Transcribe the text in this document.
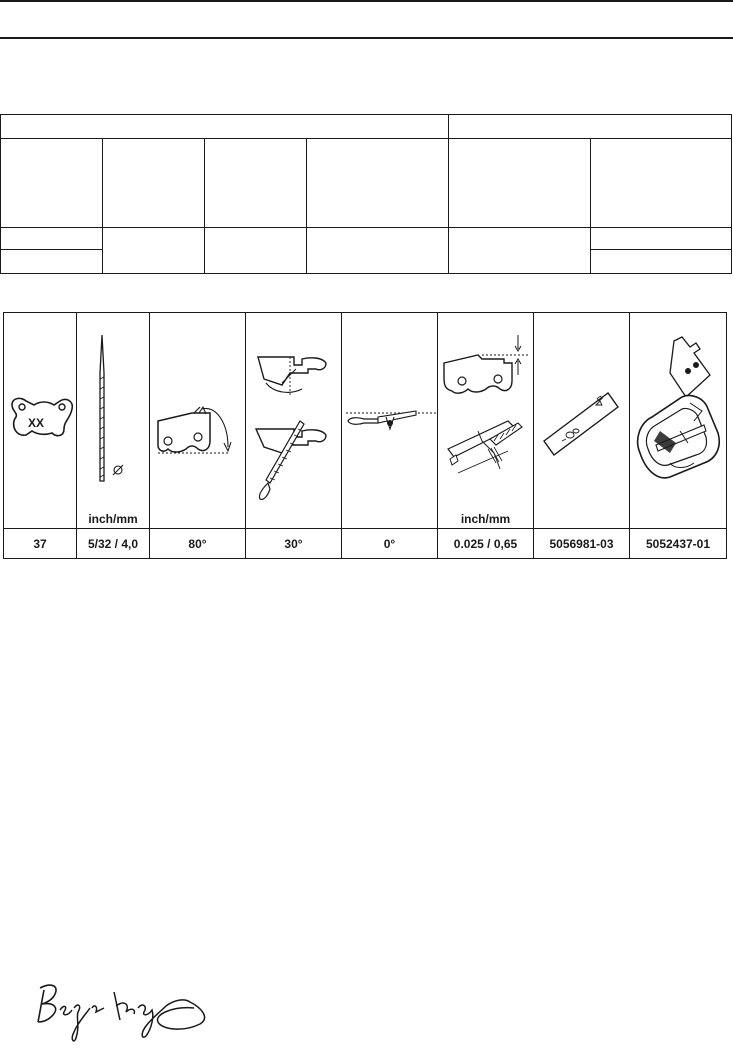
XX	inch/mm				inch/mm

37	5/32 / 4,0	80°	30°	0°	0.025 / 0,65	5056981-03	5052437-01
